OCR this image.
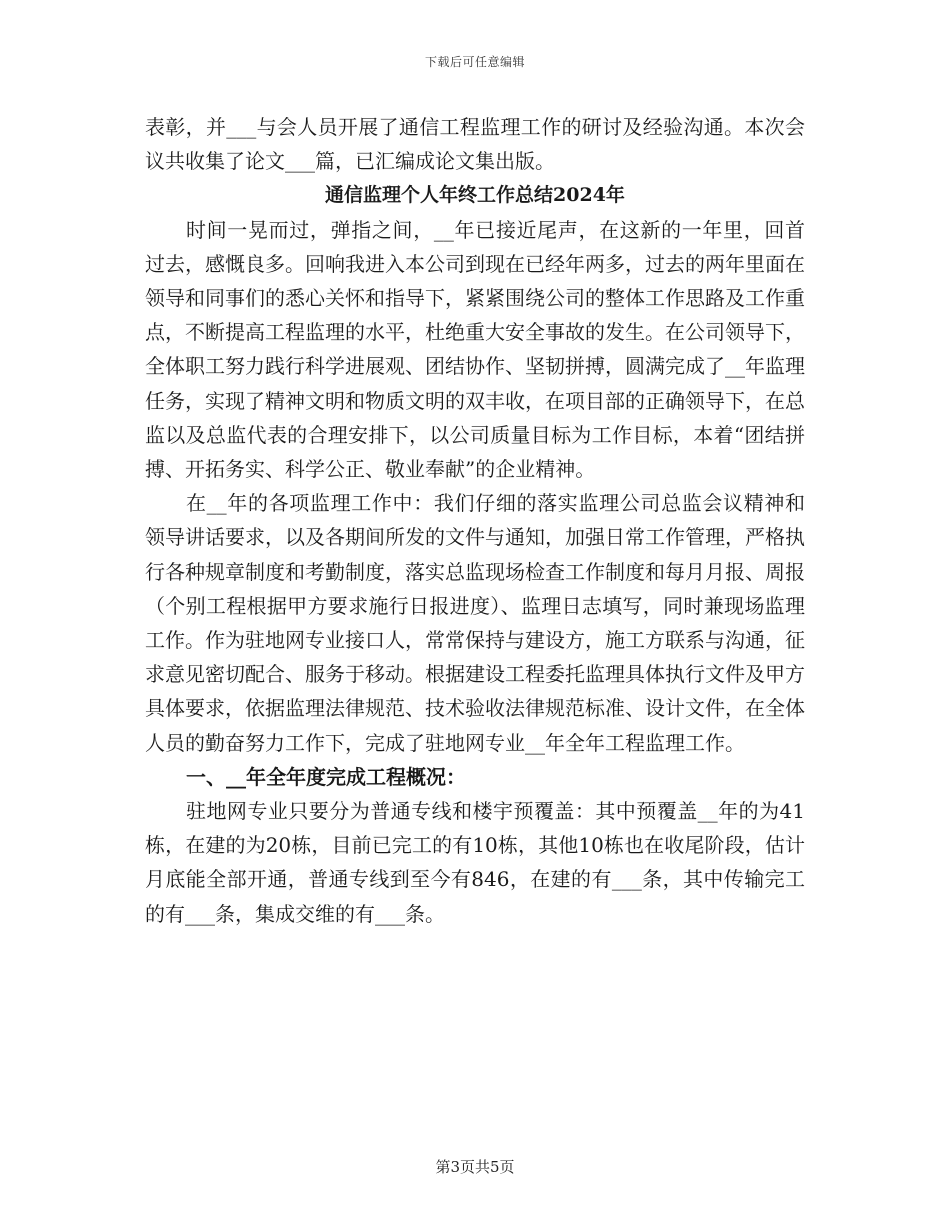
下载后可任意编辑

表彰，并___与会人员开展了通信工程监理工作的研讨及经验沟通。本次会议共收集了论文___篇，已汇编成论文集出版。

通信监理个人年终工作总结2024年

时间一晃而过，弹指之间，__年已接近尾声，在这新的一年里，回首过去，感慨良多。回响我进入本公司到现在已经年两多，过去的两年里面在领导和同事们的悉心关怀和指导下，紧紧围绕公司的整体工作思路及工作重点，不断提高工程监理的水平，杜绝重大安全事故的发生。在公司领导下，全体职工努力践行科学进展观、团结协作、坚韧拼搏，圆满完成了__年监理任务，实现了精神文明和物质文明的双丰收，在项目部的正确领导下，在总监以及总监代表的合理安排下，以公司质量目标为工作目标，本着“团结拼搏、开拓务实、科学公正、敬业奉献”的企业精神。

在__年的各项监理工作中：我们仔细的落实监理公司总监会议精神和领导讲话要求，以及各期间所发的文件与通知，加强日常工作管理，严格执行各种规章制度和考勤制度，落实总监现场检查工作制度和每月月报、周报（个别工程根据甲方要求施行日报进度）、监理日志填写，同时兼现场监理工作。作为驻地网专业接口人，常常保持与建设方，施工方联系与沟通，征求意见密切配合、服务于移动。根据建设工程委托监理具体执行文件及甲方具体要求，依据监理法律规范、技术验收法律规范标准、设计文件，在全体人员的勤奋努力工作下，完成了驻地网专业__年全年工程监理工作。

一、__年全年度完成工程概况：

驻地网专业只要分为普通专线和楼宇预覆盖：其中预覆盖__年的为41栋，在建的为20栋，目前已完工的有10栋，其他10栋也在收尾阶段，估计月底能全部开通，普通专线到至今有846，在建的有___条，其中传输完工的有___条，集成交维的有___条。

第3页共5页
